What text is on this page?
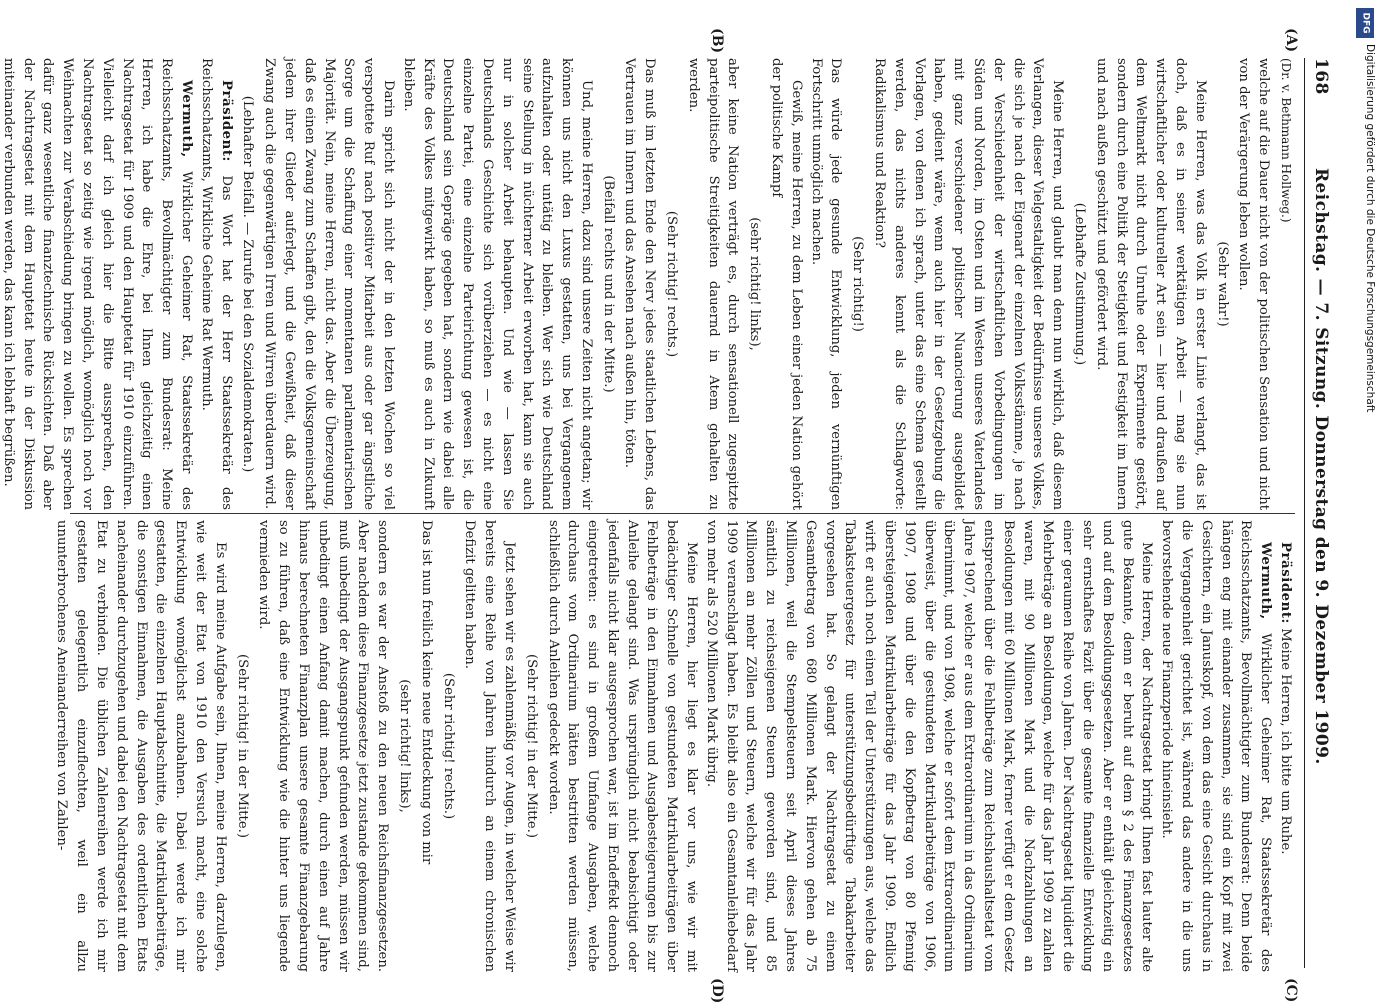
168
Reichstag. — 7. Sitzung. Donnerstag den 9. Dezember 1909.
(A)
(B)
(C)
(D)

(Dr. v. Bethmann Hollweg.)

welche auf die Dauer nicht von der politischen Sensation und nicht von der Verärgerung leben wollen.

(Sehr wahr!)

Meine Herren, was das Volk in erster Linie verlangt, das ist doch, daß es in seiner werktätigen Arbeit — mag sie nun wirtschaftlicher oder kultureller Art sein — hier und draußen auf dem Weltmarkt nicht durch Unruhe oder Experimente gestört, sondern durch eine Politik der Stetigkeit und Festigkeit im Innern und nach außen geschützt und gefördert wird.

(Lebhafte Zustimmung.)

Meine Herren, und glaubt man denn nun wirklich, daß diesem Verlangen, dieser Vielgestaltigkeit der Bedürfnisse unseres Volkes, die sich je nach der Eigenart der einzelnen Volksstämme, je nach der Verschiedenheit der wirtschaftlichen Vorbedingungen im Süden und Norden, im Osten und im Westen unseres Vaterlandes mit ganz verschiedener politischer Nuancierung ausgebildet haben, gedient wäre, wenn auch hier in der Gesetzgebung die Vorlagen, von denen ich sprach, unter das eine Schema gestellt werden, das nichts anderes kennt als die Schlagworte: Radikalismus und Reaktion?

(Sehr richtig!)

Das würde jede gesunde Entwicklung, jeden vernünftigen Fortschritt unmöglich machen.

Gewiß, meine Herren, zu dem Leben einer jeden Nation gehört der politische Kampf

(sehr richtig! links),

aber keine Nation verträgt es, durch sensationell zugespitzte parteipolitische Streitigkeiten dauernd in Atem gehalten zu werden.

(Sehr richtig! rechts.)

Das muß im letzten Ende den Nerv jedes staatlichen Lebens, das Vertrauen im Innern und das Ansehen nach außen hin, töten.

(Beifall rechts und in der Mitte.)

Und, meine Herren, dazu sind unsere Zeiten nicht angetan; wir können uns nicht den Luxus gestatten, uns bei Vergangenem aufzuhalten oder untätig zu bleiben. Wer sich wie Deutschland seine Stellung in nüchterner Arbeit erworben hat, kann sie auch nur in solcher Arbeit behaupten. Und wie — lassen Sie Deutschlands Geschichte sich vorüberziehen — es nicht eine einzelne Partei, eine einzelne Parteirichtung gewesen ist, die Deutschland sein Gepräge gegeben hat, sondern wie dabei alle Kräfte des Volkes mitgewirkt haben, so muß es auch in Zukunft bleiben.

Darin spricht sich nicht der in den letzten Wochen so viel verspottete Ruf nach positiver Mitarbeit aus oder gar ängstliche Sorge um die Schaffung einer momentanen parlamentarischen Majorität. Nein, meine Herren, nicht das. Aber die Überzeugung, daß es einen Zwang zum Schaffen gibt, den die Volksgemeinschaft jedem ihrer Glieder auferlegt, und die Gewißheit, daß dieser Zwang auch die gegenwärtigen Irren und Wirren überdauern wird.

(Lebhafter Beifall. — Zurufe bei den Sozialdemokraten.)

Präsident: Das Wort hat der Herr Staatssekretär des Reichsschatzamts, Wirkliche Geheime Rat Wermuth.

Wermuth, Wirklicher Geheimer Rat, Staatssekretär des Reichsschatzamts, Bevollmächtigter zum Bundesrat: Meine Herren, ich habe die Ehre, bei Ihnen gleichzeitig einen Nachtragsetat für 1909 und den Hauptetat für 1910 einzuführen. Vielleicht darf ich gleich hier die Bitte aussprechen, den Nachtragsetat so zeitig wie irgend möglich, womöglich noch vor Weihnachten zur Verabschiedung bringen zu wollen. Es sprechen dafür ganz wesentliche finanztechnische Rücksichten. Daß aber der Nachtragsetat mit dem Hauptetat heute in der Diskussion miteinander verbunden werden, das kann ich lebhaft begrüßen.

Präsident: Meine Herren, ich bitte um Ruhe.

Wermuth, Wirklicher Geheimer Rat, Staatssekretär des Reichsschatzamts, Bevollmächtigter zum Bundesrat: Denn beide hängen eng mit einander zusammen, sie sind ein Kopf mit zwei Gesichtern, ein Januskopf, von dem das eine Gesicht durchaus in die Vergangenheit gerichtet ist, während das andere in die uns bevorstehende neue Finanzperiode hineinsieht.

Meine Herren, der Nachtragsetat bringt Ihnen fast lauter alte gute Bekannte, denn er beruht auf dem § 2 des Finanzgesetzes und auf dem Besoldungsgesetzen. Aber er enthält gleichzeitig ein sehr ernsthaftes Fazit über die gesamte finanzielle Entwicklung einer geraumen Reihe von Jahren. Der Nachtragsetat liquidiert die Mehrbeträge an Besoldungen, welche für das Jahr 1909 zu zahlen waren, mit 90 Millionen Mark und die Nachzahlungen an Besoldungen mit 60 Millionen Mark, ferner verfügt er dem Gesetz entsprechend über die Fehlbeträge zum Reichshaushaltsetat vom Jahre 1907, welche er aus dem Extraordinarium in das Ordinarium übernimmt, und von 1908, welche er sofort dem Extraordinarium überweist, über die gestundeten Matrikularbeiträge von 1906, 1907, 1908 und über die den Kopfbetrag von 80 Pfennig übersteigenden Matrikularbeiträge für das Jahr 1909. Endlich wirft er auch noch einen Teil der Unterstützungen aus, welche das Tabaksteuergesetz für unterstützungsbedürftige Tabakarbeiter vorgesehen hat. So gelangt der Nachtragsetat zu einem Gesamtbetrag von 680 Millionen Mark. Hiervon gehen ab 75 Millionen, weil die Stempelsteuern seit April dieses Jahres sämtlich zu reichseigenen Steuern geworden sind, und 85 Millionen an mehr Zöllen und Steuern, welche wir für das Jahr 1909 veranschlagt haben. Es bleibt also ein Gesamtanleihebedarf von mehr als 520 Millionen Mark übrig.

Meine Herren, hier liegt es klar vor uns, wie wir mit bedächtiger Schnelle von gestundeten Matrikularbeiträgen über Fehlbeträge in den Einnahmen und Ausgabesteigerungen bis zur Anleihe gelangt sind. Was ursprünglich nicht beabsichtigt oder jedenfalls nicht klar ausgesprochen war, ist im Endeffekt dennoch eingetreten: es sind in großem Umfange Ausgaben, welche durchaus vom Ordinarium hätten bestritten werden müssen, schließlich durch Anleihen gedeckt worden.

(Sehr richtig! in der Mitte.)

Jetzt sehen wir es zahlenmäßig vor Augen, in welcher Weise wir bereits eine Reihe von Jahren hindurch an einem chronischen Defizit gelitten haben.

(Sehr richtig! rechts.)

Das ist nun freilich keine neue Entdeckung von mir

(sehr richtig! links),

sondern es war der Anstoß zu den neuen Reichsfinanzgesetzen. Aber nachdem diese Finanzgesetze jetzt zustande gekommen sind, muß unbedingt der Ausgangspunkt gefunden werden, müssen wir unbedingt einen Anfang damit machen, durch einen auf Jahre hinaus berechneten Finanzplan unsere gesamte Finanzgebarung so zu führen, daß eine Entwicklung wie die hinter uns liegende vermieden wird.

(Sehr richtig! in der Mitte.)

Es wird meine Aufgabe sein, Ihnen, meine Herren, darzulegen, wie weit der Etat von 1910 den Versuch macht, eine solche Entwicklung womöglichst anzubahnen. Dabei werde ich mir gestatten, die einzelnen Hauptabschnitte, die Matrikularbeiträge, die sonstigen Einnahmen, die Ausgaben des ordentlichen Etats nacheinander durchzugehen und dabei den Nachtragsetat mit dem Etat zu verbinden. Die üblichen Zahlenreihen werde ich mir gestatten gelegentlich einzuflechten, weil ein allzu ununterbrochenes Aneinanderreihen von Zahlen-

DFG
Digitalisierung gefördert durch die Deutsche Forschungsgemeinschaft
